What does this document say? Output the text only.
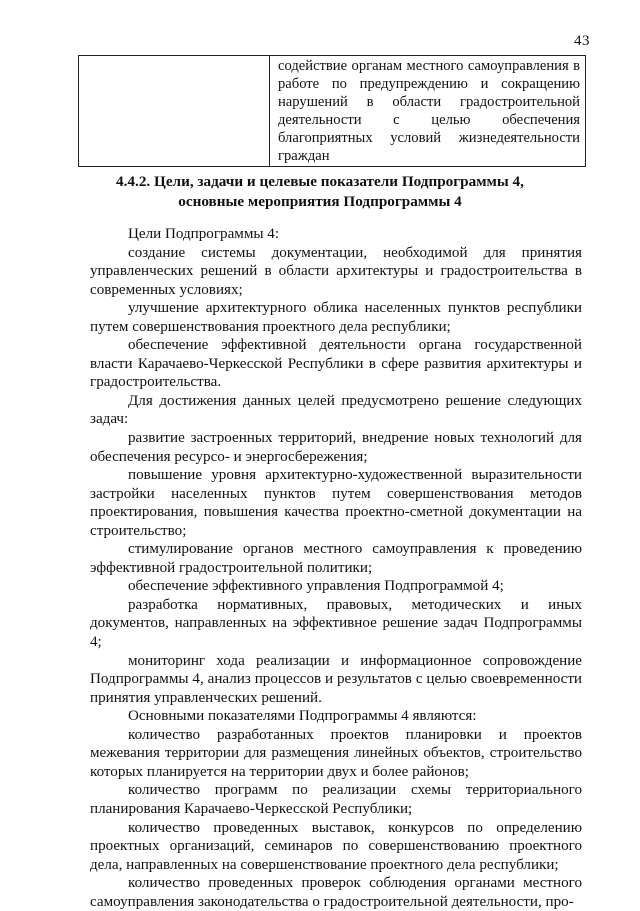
43
	содействие органам местного самоуправления в работе по предупреждению и сокращению нарушений в области градостроительной деятельности с целью обеспечения благоприятных условий жизнедеятельности граждан
4.4.2. Цели, задачи и целевые показатели Подпрограммы 4,
основные мероприятия Подпрограммы 4

Цели Подпрограммы 4:

создание системы документации, необходимой для принятия управленческих решений в области архитектуры и градостроительства в современных условиях;

улучшение архитектурного облика населенных пунктов республики путем совершенствования проектного дела республики;

обеспечение эффективной деятельности органа государственной власти Карачаево-Черкесской Республики в сфере развития архитектуры и градостроительства.

Для достижения данных целей предусмотрено решение следующих задач:

развитие застроенных территорий, внедрение новых технологий для обеспечения ресурсо- и энергосбережения;

повышение уровня архитектурно-художественной выразительности застройки населенных пунктов путем совершенствования методов проектирования, повышения качества проектно-сметной документации на строительство;

стимулирование органов местного самоуправления к проведению эффективной градостроительной политики;

обеспечение эффективного управления Подпрограммой 4;

разработка нормативных, правовых, методических и иных документов, направленных на эффективное решение задач Подпрограммы 4;

мониторинг хода реализации и информационное сопровождение Подпрограммы 4, анализ процессов и результатов с целью своевременности принятия управленческих решений.

Основными показателями Подпрограммы 4 являются:

количество разработанных проектов планировки и проектов межевания территории для размещения линейных объектов, строительство которых планируется на территории двух и более районов;

количество программ по реализации схемы территориального планирования Карачаево-Черкесской Республики;

количество проведенных выставок, конкурсов по определению проектных организаций, семинаров по совершенствованию проектного дела, направленных на совершенствование проектного дела республики;

количество проведенных проверок соблюдения органами местного самоуправления законодательства о градостроительной деятельности, про-
